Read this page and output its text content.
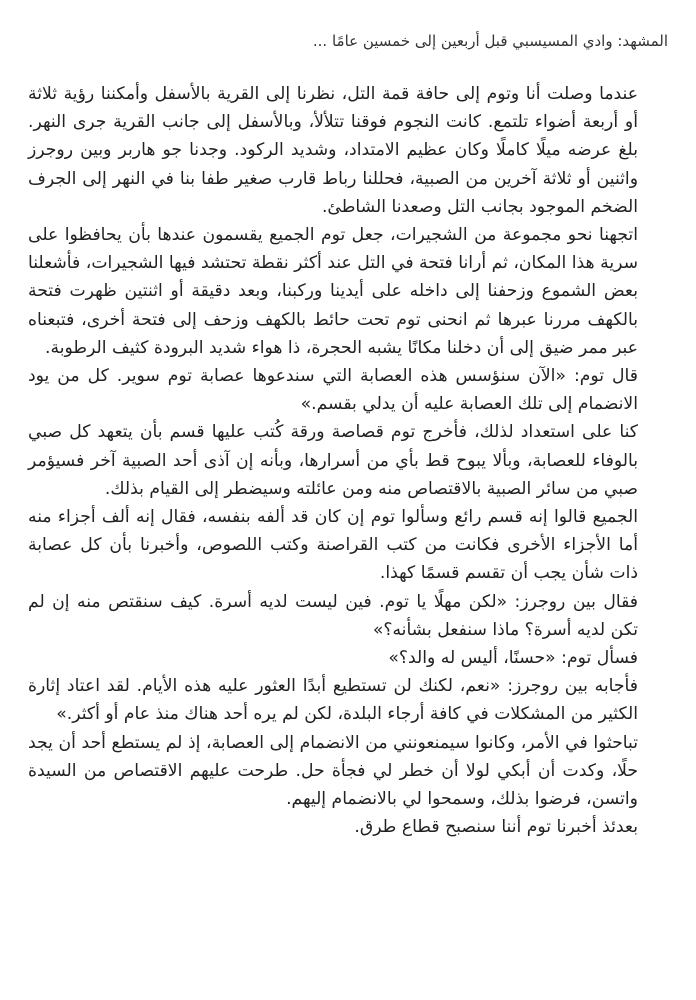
المشهد: وادي المسيسبي قبل أربعين إلى خمسين عامًا ...

عندما وصلت أنا وتوم إلى حافة قمة التل، نظرنا إلى القرية بالأسفل وأمكننا رؤية ثلاثة أو أربعة أضواء تلتمع. كانت النجوم فوقنا تتلألأ، وبالأسفل إلى جانب القرية جرى النهر. بلغ عرضه ميلًا كاملًا وكان عظيم الامتداد، وشديد الركود. وجدنا جو هاربر وبين روجرز واثنين أو ثلاثة آخرين من الصبية، فحللنا رباط قارب صغير طفا بنا في النهر إلى الجرف الضخم الموجود بجانب التل وصعدنا الشاطئ.

اتجهنا نحو مجموعة من الشجيرات، جعل توم الجميع يقسمون عندها بأن يحافظوا على سرية هذا المكان، ثم أرانا فتحة في التل عند أكثر نقطة تحتشد فيها الشجيرات، فأشعلنا بعض الشموع وزحفنا إلى داخله على أيدينا وركبنا، وبعد دقيقة أو اثنتين ظهرت فتحة بالكهف مررنا عبرها ثم انحنى توم تحت حائط بالكهف وزحف إلى فتحة أخرى، فتبعناه عبر ممر ضيق إلى أن دخلنا مكانًا يشبه الحجرة، ذا هواء شديد البرودة كثيف الرطوبة.

قال توم: «الآن سنؤسس هذه العصابة التي سندعوها عصابة توم سوير. كل من يود الانضمام إلى تلك العصابة عليه أن يدلي بقسم.»

كنا على استعداد لذلك، فأخرج توم قصاصة ورقة كُتب عليها قسم بأن يتعهد كل صبي بالوفاء للعصابة، وبألا يبوح قط بأي من أسرارها، وبأنه إن آذى أحد الصبية آخر فسيؤمر صبي من سائر الصبية بالاقتصاص منه ومن عائلته وسيضطر إلى القيام بذلك.

الجميع قالوا إنه قسم رائع وسألوا توم إن كان قد ألفه بنفسه، فقال إنه ألف أجزاء منه أما الأجزاء الأخرى فكانت من كتب القراصنة وكتب اللصوص، وأخبرنا بأن كل عصابة ذات شأن يجب أن تقسم قسمًا كهذا.

فقال بين روجرز: «لكن مهلًا يا توم. فين ليست لديه أسرة. كيف سنقتص منه إن لم تكن لديه أسرة؟ ماذا سنفعل بشأنه؟»

فسأل توم: «حسنًا، أليس له والد؟»

فأجابه بين روجرز: «نعم، لكنك لن تستطيع أبدًا العثور عليه هذه الأيام. لقد اعتاد إثارة الكثير من المشكلات في كافة أرجاء البلدة، لكن لم يره أحد هناك منذ عام أو أكثر.»

تباحثوا في الأمر، وكانوا سيمنعونني من الانضمام إلى العصابة، إذ لم يستطع أحد أن يجد حلًا، وكدت أن أبكي لولا أن خطر لي فجأة حل. طرحت عليهم الاقتصاص من السيدة واتسن، فرضوا بذلك، وسمحوا لي بالانضمام إليهم.

بعدئذ أخبرنا توم أننا سنصبح قطاع طرق.
